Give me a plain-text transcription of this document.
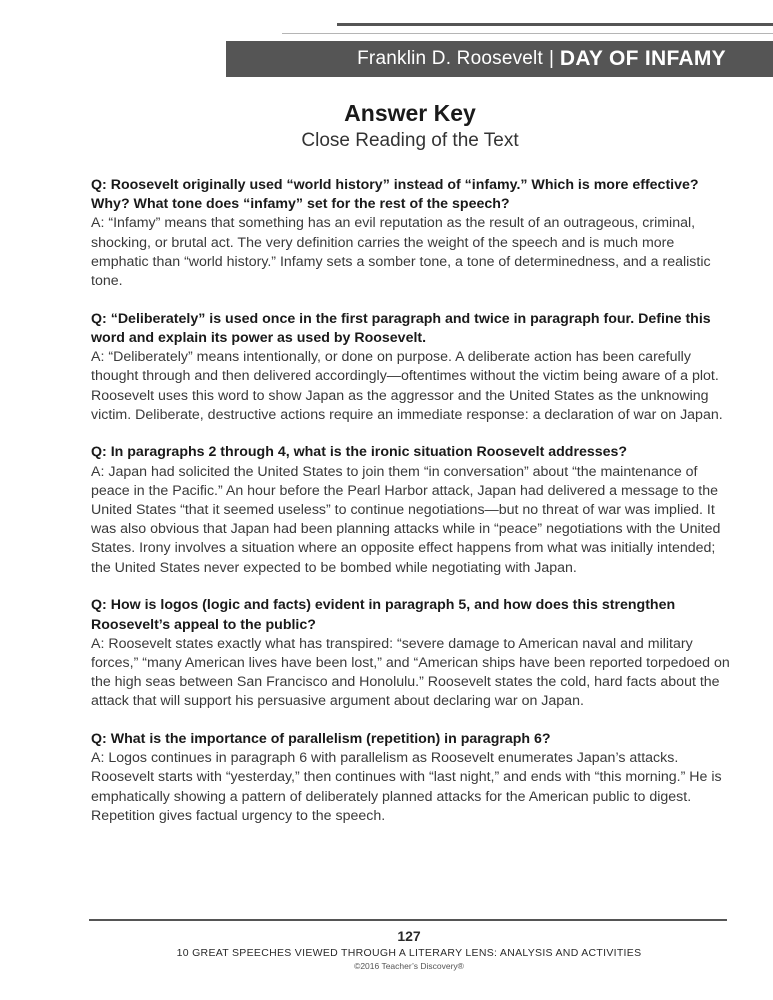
Franklin D. Roosevelt | DAY OF INFAMY
Answer Key
Close Reading of the Text
Q: Roosevelt originally used “world history” instead of “infamy.” Which is more effective? Why? What tone does “infamy” set for the rest of the speech?
A: “Infamy” means that something has an evil reputation as the result of an outrageous, criminal, shocking, or brutal act. The very definition carries the weight of the speech and is much more emphatic than “world history.” Infamy sets a somber tone, a tone of determinedness, and a realistic tone.
Q: “Deliberately” is used once in the first paragraph and twice in paragraph four. Define this word and explain its power as used by Roosevelt.
A: “Deliberately” means intentionally, or done on purpose. A deliberate action has been carefully thought through and then delivered accordingly—oftentimes without the victim being aware of a plot. Roosevelt uses this word to show Japan as the aggressor and the United States as the unknowing victim. Deliberate, destructive actions require an immediate response: a declaration of war on Japan.
Q: In paragraphs 2 through 4, what is the ironic situation Roosevelt addresses?
A: Japan had solicited the United States to join them “in conversation” about “the maintenance of peace in the Pacific.” An hour before the Pearl Harbor attack, Japan had delivered a message to the United States “that it seemed useless” to continue negotiations—but no threat of war was implied. It was also obvious that Japan had been planning attacks while in “peace” negotiations with the United States. Irony involves a situation where an opposite effect happens from what was initially intended; the United States never expected to be bombed while negotiating with Japan.
Q: How is logos (logic and facts) evident in paragraph 5, and how does this strengthen Roosevelt’s appeal to the public?
A: Roosevelt states exactly what has transpired: “severe damage to American naval and military forces,” “many American lives have been lost,” and “American ships have been reported torpedoed on the high seas between San Francisco and Honolulu.” Roosevelt states the cold, hard facts about the attack that will support his persuasive argument about declaring war on Japan.
Q: What is the importance of parallelism (repetition) in paragraph 6?
A: Logos continues in paragraph 6 with parallelism as Roosevelt enumerates Japan’s attacks. Roosevelt starts with “yesterday,” then continues with “last night,” and ends with “this morning.” He is emphatically showing a pattern of deliberately planned attacks for the American public to digest. Repetition gives factual urgency to the speech.
127
10 GREAT SPEECHES VIEWED THROUGH A LITERARY LENS: ANALYSIS AND ACTIVITIES
©2016 Teacher’s Discovery®
